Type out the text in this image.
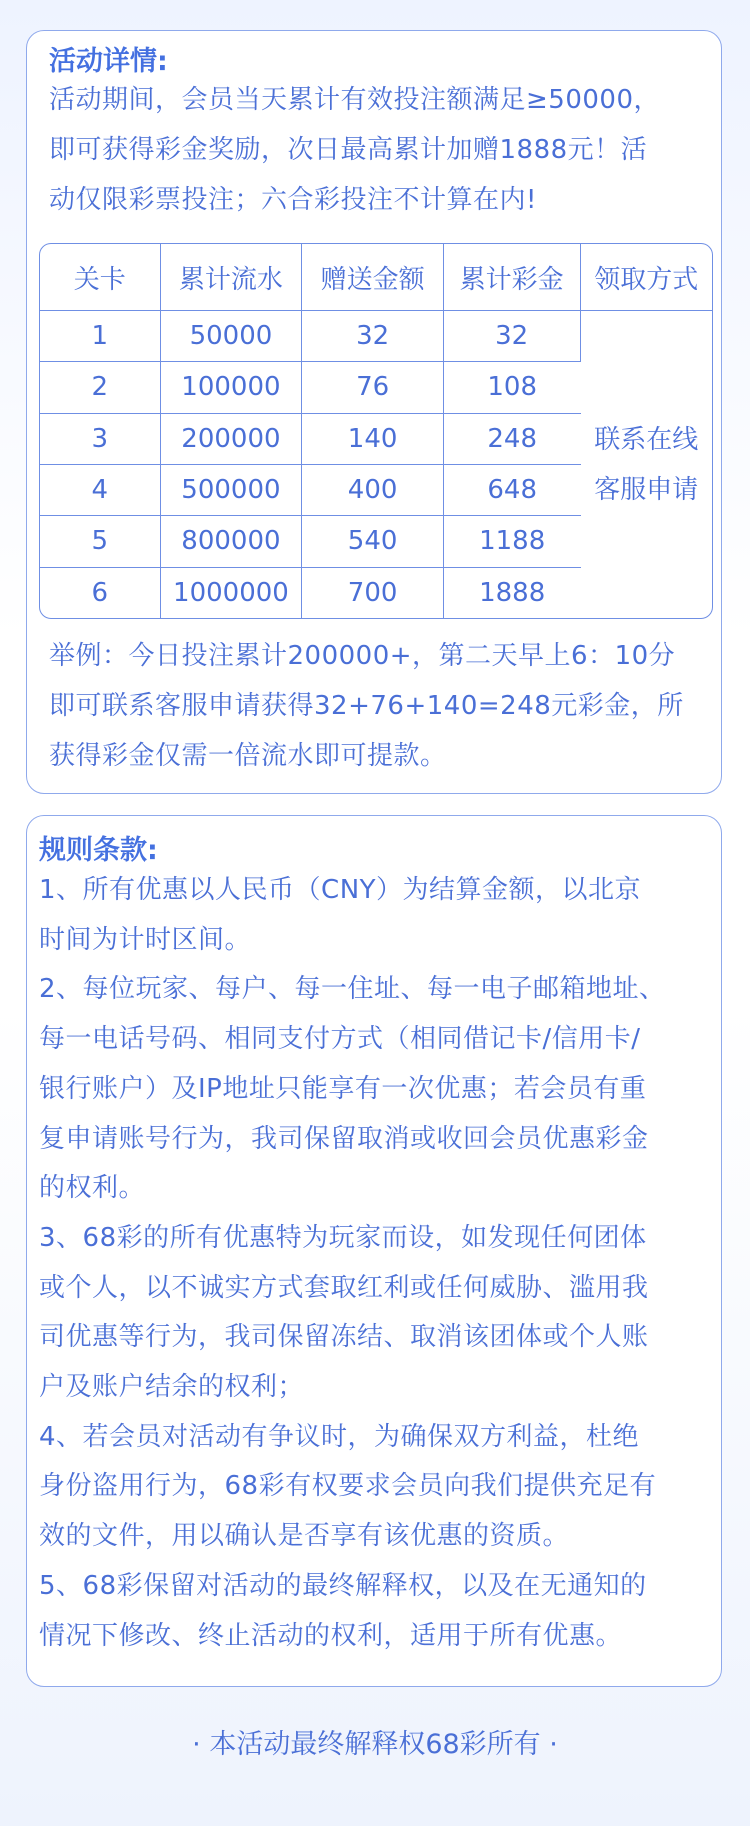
活动详情:
活动期间，会员当天累计有效投注额满足≥50000，
即可获得彩金奖励，次日最高累计加赠1888元！活
动仅限彩票投注；六合彩投注不计算在内!
关卡	累计流水	赠送金额	累计彩金	领取方式
1	50000	32	32	联系在线
客服申请

2	100000	76	108	
3	200000	140	248	
4	500000	400	648	
5	800000	540	1188	
6	1000000	700	1888	
举例：今日投注累计200000+，第二天早上6：10分
即可联系客服申请获得32+76+140=248元彩金，所
获得彩金仅需一倍流水即可提款。
规则条款:
1、所有优惠以人民币（CNY）为结算金额，以北京
时间为计时区间。
2、每位玩家、每户、每一住址、每一电子邮箱地址、
每一电话号码、相同支付方式（相同借记卡/信用卡/
银行账户）及IP地址只能享有一次优惠；若会员有重
复申请账号行为，我司保留取消或收回会员优惠彩金
的权利。
3、68彩的所有优惠特为玩家而设，如发现任何团体
或个人，以不诚实方式套取红利或任何威胁、滥用我
司优惠等行为，我司保留冻结、取消该团体或个人账
户及账户结余的权利；
4、若会员对活动有争议时，为确保双方利益，杜绝
身份盗用行为，68彩有权要求会员向我们提供充足有
效的文件，用以确认是否享有该优惠的资质。
5、68彩保留对活动的最终解释权，以及在无通知的
情况下修改、终止活动的权利，适用于所有优惠。
· 本活动最终解释权68彩所有 ·
